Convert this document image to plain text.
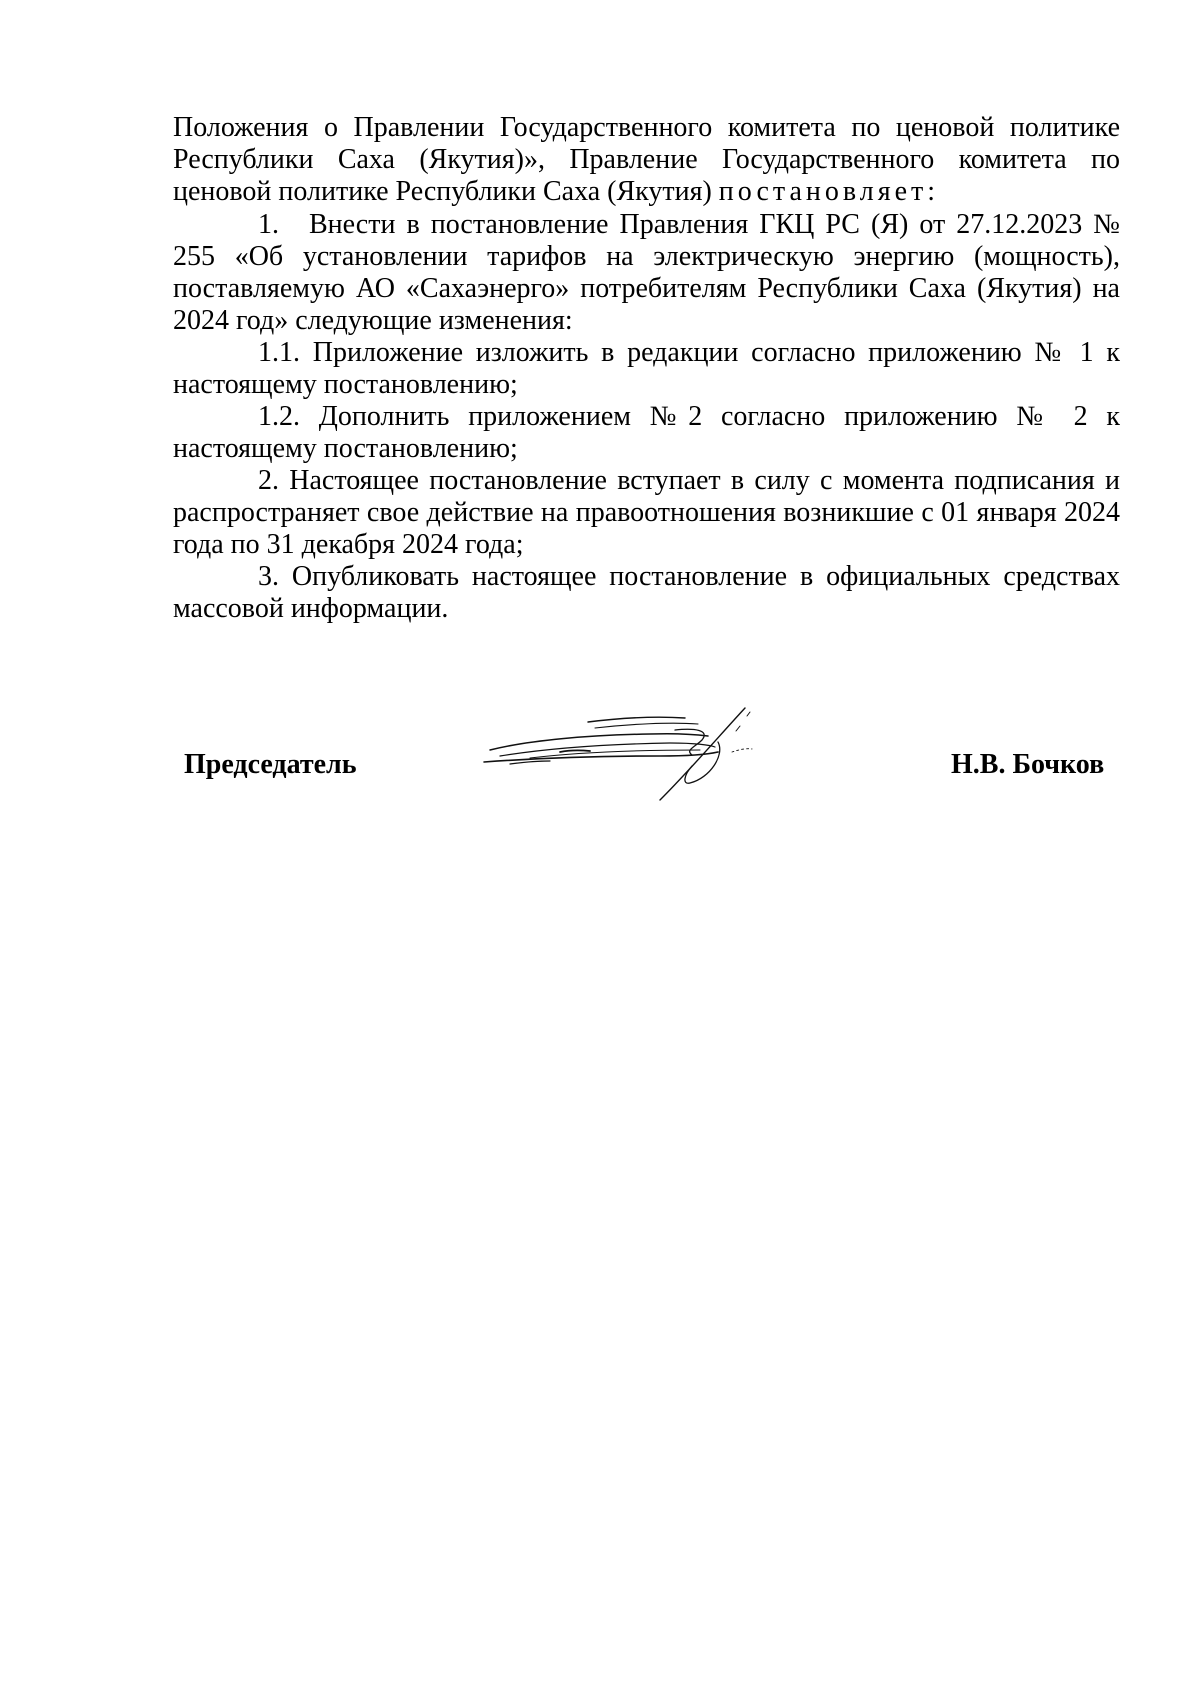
Положения о Правлении Государственного комитета по ценовой политике Республики Саха (Якутия)», Правление Государственного комитета по ценовой политике Республики Саха (Якутия) постановляет:

1. Внести в постановление Правления ГКЦ РС (Я) от 27.12.2023 № 255 «Об установлении тарифов на электрическую энергию (мощность), поставляемую АО «Сахаэнерго» потребителям Республики Саха (Якутия) на 2024 год» следующие изменения:

1.1. Приложение изложить в редакции согласно приложению № 1 к настоящему постановлению;

1.2. Дополнить приложением №2 согласно приложению № 2 к настоящему постановлению;

2. Настоящее постановление вступает в силу с момента подписания и распространяет свое действие на правоотношения возникшие с 01 января 2024 года по 31 декабря 2024 года;

3. Опубликовать настоящее постановление в официальных средствах массовой информации.

Председатель	Н.В. Бочков
